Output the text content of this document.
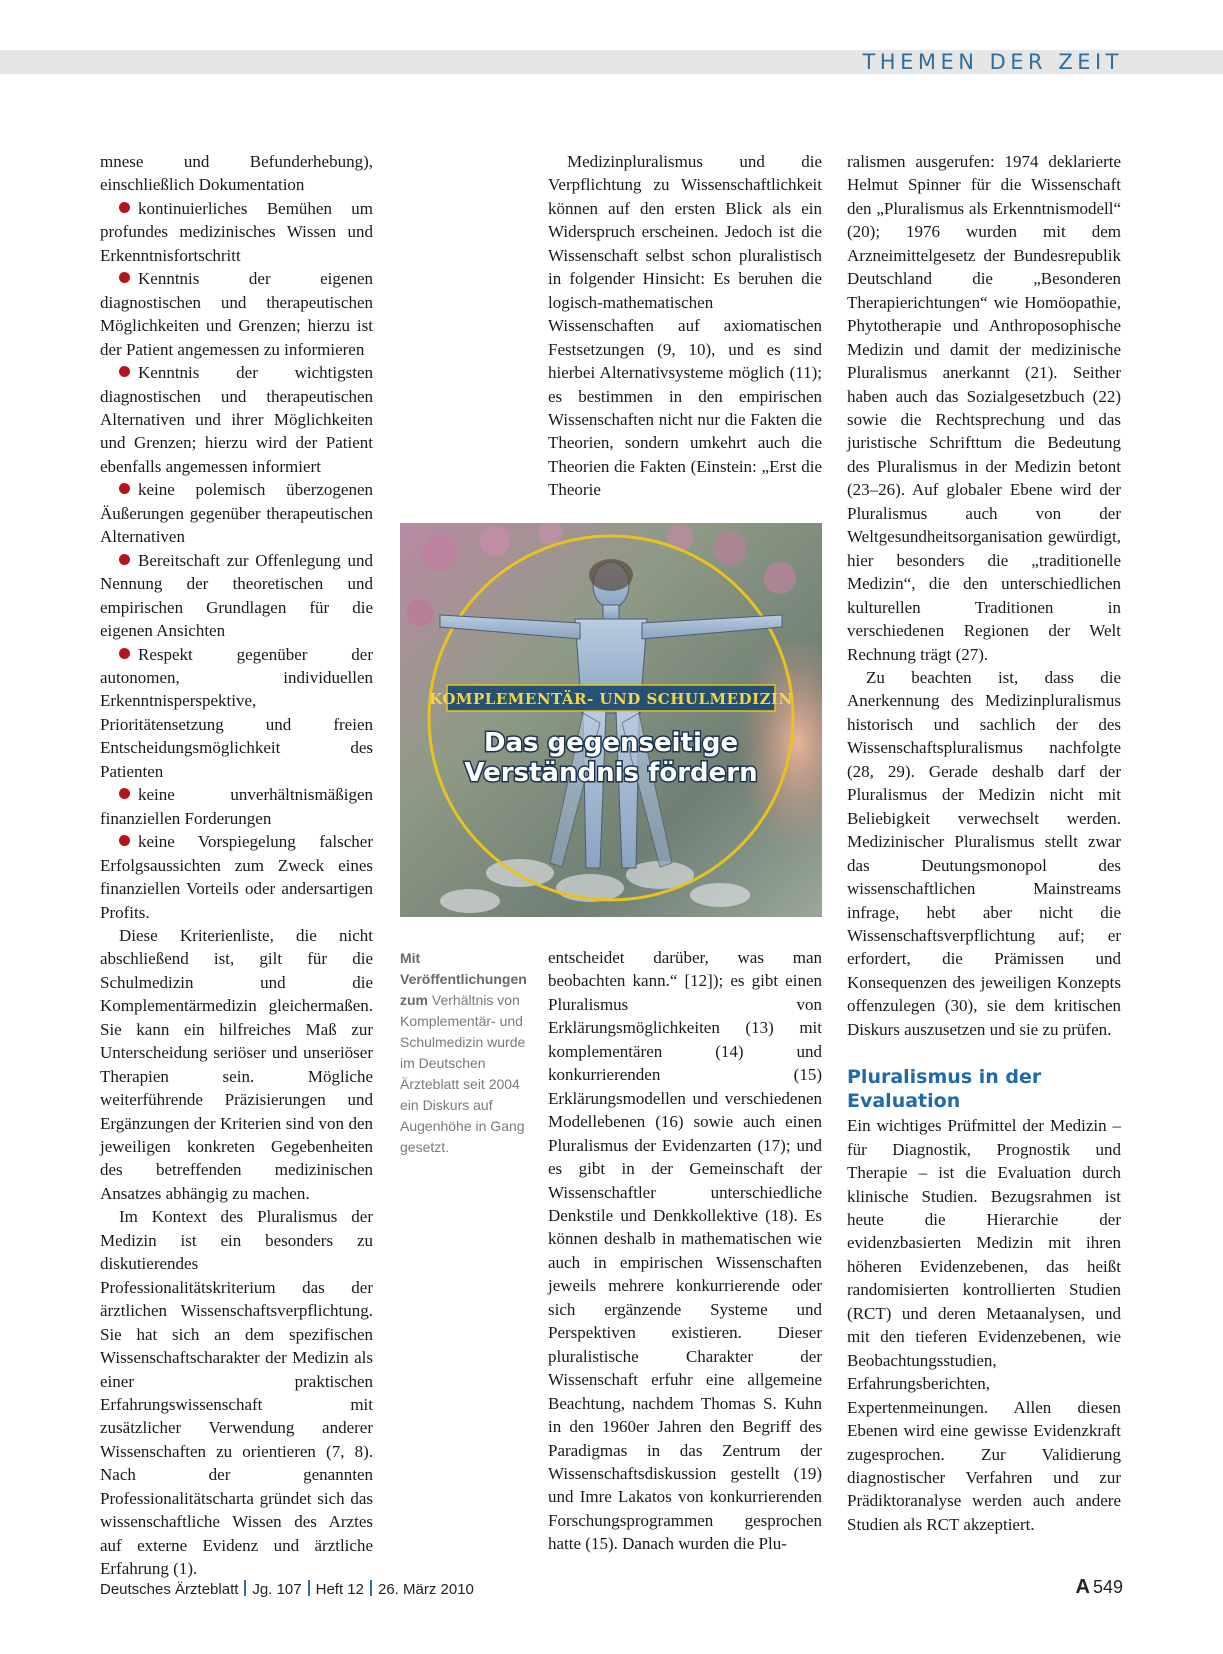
THEMEN DER ZEIT

mnese und Befunderhebung), einschließlich Dokumentation

kontinuierliches Bemühen um profundes medizinisches Wissen und Erkenntnisfortschritt

Kenntnis der eigenen diagnostischen und therapeutischen Möglichkeiten und Grenzen; hierzu ist der Patient angemessen zu informieren

Kenntnis der wichtigsten diagnostischen und therapeutischen Alternativen und ihrer Möglichkeiten und Grenzen; hierzu wird der Patient ebenfalls angemessen informiert

keine polemisch überzogenen Äußerungen gegenüber therapeutischen Alternativen

Bereitschaft zur Offenlegung und Nennung der theoretischen und empirischen Grundlagen für die eigenen Ansichten

Respekt gegenüber der autonomen, individuellen Erkenntnisperspektive, Prioritätensetzung und freien Entscheidungsmöglichkeit des Patienten

keine unverhältnismäßigen finanziellen Forderungen

keine Vorspiegelung falscher Erfolgsaussichten zum Zweck eines finanziellen Vorteils oder andersartigen Profits.

Diese Kriterienliste, die nicht abschließend ist, gilt für die Schulmedizin und die Komplementärmedizin gleichermaßen. Sie kann ein hilfreiches Maß zur Unterscheidung seriöser und unseriöser Therapien sein. Mögliche weiterführende Präzisierungen und Ergänzungen der Kriterien sind von den jeweiligen konkreten Gegebenheiten des betreffenden medizinischen Ansatzes abhängig zu machen.

Im Kontext des Pluralismus der Medizin ist ein besonders zu diskutierendes Professionalitätskriterium das der ärztlichen Wissenschaftsverpflichtung. Sie hat sich an dem spezifischen Wissenschaftscharakter der Medizin als einer praktischen Erfahrungswissenschaft mit zusätzlicher Verwendung anderer Wissenschaften zu orientieren (7, 8). Nach der genannten Professionalitätscharta gründet sich das wissenschaftliche Wissen des Arztes auf externe Evidenz und ärztliche Erfahrung (1).

Medizinpluralismus und die Verpflichtung zu Wissenschaftlichkeit können auf den ersten Blick als ein Widerspruch erscheinen. Jedoch ist die Wissenschaft selbst schon pluralistisch in folgender Hinsicht: Es beruhen die logisch-mathematischen Wissenschaften auf axiomatischen Festsetzungen (9, 10), und es sind hierbei Alternativsysteme möglich (11); es bestimmen in den empirischen Wissenschaften nicht nur die Fakten die Theorien, sondern umkehrt auch die Theorien die Fakten (Einstein: „Erst die Theorie

KOMPLEMENTÄR- UND SCHULMEDIZIN
Das gegenseitige
Verständnis fördern
Mit Veröffentlichungen zum Verhältnis von Komplementär- und Schulmedizin wurde im Deutschen Ärzteblatt seit 2004 ein Diskurs auf Augenhöhe in Gang gesetzt.

entscheidet darüber, was man beobachten kann.“ [12]); es gibt einen Pluralismus von Erklärungsmöglichkeiten (13) mit komplementären (14) und konkurrierenden (15) Erklärungsmodellen und verschiedenen Modellebenen (16) sowie auch einen Pluralismus der Evidenzarten (17); und es gibt in der Gemeinschaft der Wissenschaftler unterschiedliche Denkstile und Denkkollektive (18). Es können deshalb in mathematischen wie auch in empirischen Wissenschaften jeweils mehrere konkurrierende oder sich ergänzende Systeme und Perspektiven existieren. Dieser pluralistische Charakter der Wissenschaft erfuhr eine allgemeine Beachtung, nachdem Thomas S. Kuhn in den 1960er Jahren den Begriff des Paradigmas in das Zentrum der Wissenschaftsdiskussion gestellt (19) und Imre Lakatos von konkurrierenden Forschungsprogrammen gesprochen hatte (15). Danach wurden die Plu-

ralismen ausgerufen: 1974 deklarierte Helmut Spinner für die Wissenschaft den „Pluralismus als Erkenntnismodell“ (20); 1976 wurden mit dem Arzneimittelgesetz der Bundesrepublik Deutschland die „Besonderen Therapierichtungen“ wie Homöopathie, Phytotherapie und Anthroposophische Medizin und damit der medizinische Pluralismus anerkannt (21). Seither haben auch das Sozialgesetzbuch (22) sowie die Rechtsprechung und das juristische Schrifttum die Bedeutung des Pluralismus in der Medizin betont (23–26). Auf globaler Ebene wird der Pluralismus auch von der Weltgesundheitsorganisation gewürdigt, hier besonders die „traditionelle Medizin“, die den unterschiedlichen kulturellen Traditionen in verschiedenen Regionen der Welt Rechnung trägt (27).

Zu beachten ist, dass die Anerkennung des Medizinpluralismus historisch und sachlich der des Wissenschaftspluralismus nachfolgte (28, 29). Gerade deshalb darf der Pluralismus der Medizin nicht mit Beliebigkeit verwechselt werden. Medizinischer Pluralismus stellt zwar das Deutungsmonopol des wissenschaftlichen Mainstreams infrage, hebt aber nicht die Wissenschaftsverpflichtung auf; er erfordert, die Prämissen und Konsequenzen des jeweiligen Konzepts offenzulegen (30), sie dem kritischen Diskurs auszusetzen und sie zu prüfen.

Pluralismus in der Evaluation

Ein wichtiges Prüfmittel der Medizin – für Diagnostik, Prognostik und Therapie – ist die Evaluation durch klinische Studien. Bezugsrahmen ist heute die Hierarchie der evidenzbasierten Medizin mit ihren höheren Evidenzebenen, das heißt randomisierten kontrollierten Studien (RCT) und deren Metaanalysen, und mit den tieferen Evidenzebenen, wie Beobachtungsstudien, Erfahrungsberichten, Expertenmeinungen. Allen diesen Ebenen wird eine gewisse Evidenzkraft zugesprochen. Zur Validierung diagnostischer Verfahren und zur Prädiktoranalyse werden auch andere Studien als RCT akzeptiert.

Deutsches Ärzteblatt Jg. 107 Heft 12 26. März 2010	A 549
